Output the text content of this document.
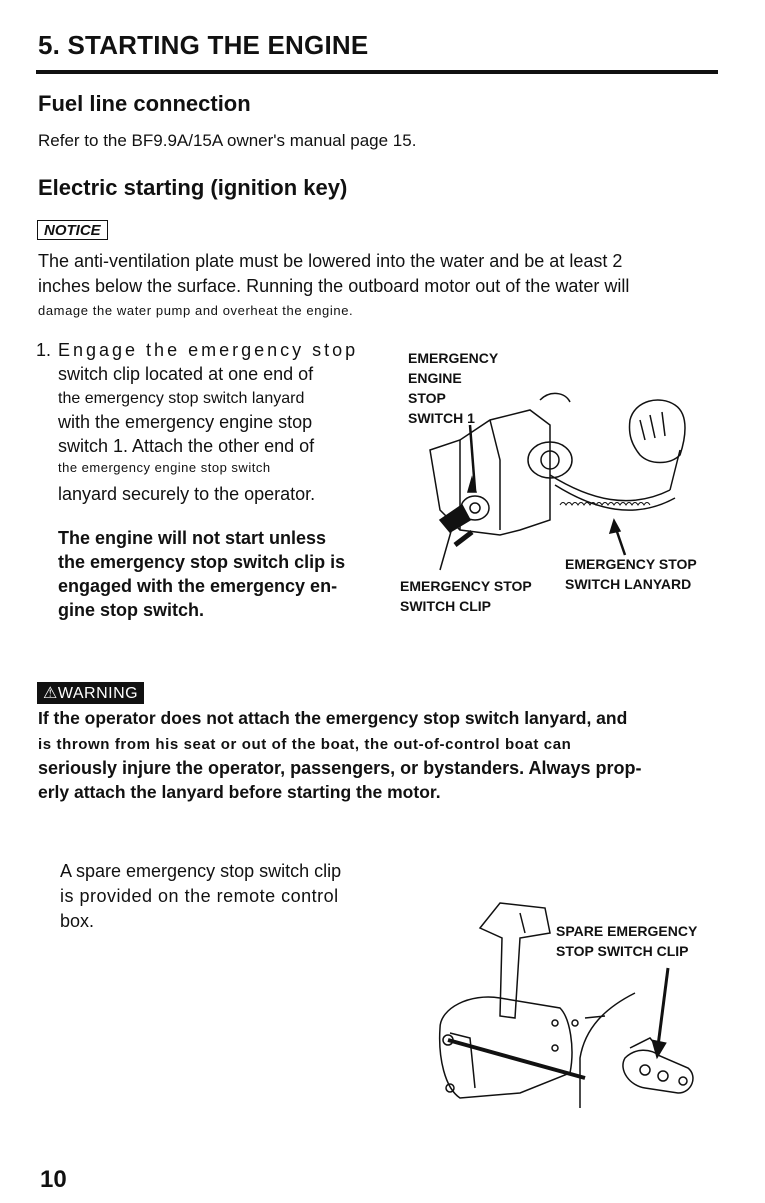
5. STARTING THE ENGINE
Fuel line connection
Refer to the BF9.9A/15A owner's manual page 15.
Electric starting (ignition key)
NOTICE
The anti-ventilation plate must be lowered into the water and be at least 2
inches below the surface. Running the outboard motor out of the water will
damage the water pump and overheat the engine.
1. Engage the emergency stop
switch clip located at one end of
the emergency stop switch lanyard
with the emergency engine stop
switch 1. Attach the other end of
the emergency engine stop switch
lanyard securely to the operator.
The engine will not start unless
the emergency stop switch clip is
engaged with the emergency en-
gine stop switch.
EMERGENCY
ENGINE
STOP
SWITCH 1
EMERGENCY STOP
SWITCH CLIP
EMERGENCY STOP
SWITCH LANYARD
⚠WARNING
If the operator does not attach the emergency stop switch lanyard, and
is thrown from his seat or out of the boat, the out-of-control boat can
seriously injure the operator, passengers, or bystanders. Always prop-
erly attach the lanyard before starting the motor.
A spare emergency stop switch clip
is provided on the remote control
box.	SPARE EMERGENCY
STOP SWITCH CLIP
10
